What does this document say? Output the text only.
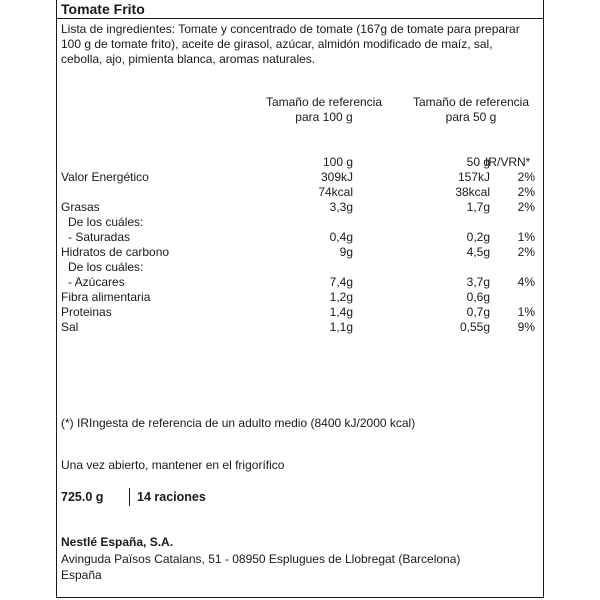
Tomate Frito
Lista de ingredientes: Tomate y concentrado de tomate (167g de tomate para preparar 100 g de tomate frito), aceite de girasol, azúcar, almidón modificado de maíz, sal, cebolla, ajo, pimienta blanca, aromas naturales.
Tamaño de referencia para 100 g
Tamaño de referencia para 50 g
100 g	50 g
IR/VRN*
Valor Energético	309kJ	157kJ 2%
74kcal	38kcal 2%
Grasas	3,3g	1,7g 2%
De los cuáles:
- Saturadas	0,4g	0,2g 1%
Hidratos de carbono	9g	4,5g 2%
De los cuáles:
- Azúcares	7,4g	3,7g 4%
Fibra alimentaria	1,2g	0,6g
Proteinas	1,4g	0,7g 1%
Sal	1,1g	0,55g 9%
(*) IRIngesta de referencia de un adulto medio (8400 kJ/2000 kcal)
Una vez abierto, mantener en el frigorífico
725.0 g	14 raciones
Nestlé España, S.A.
Avinguda Països Catalans, 51 - 08950 Esplugues de Llobregat (Barcelona)
España
